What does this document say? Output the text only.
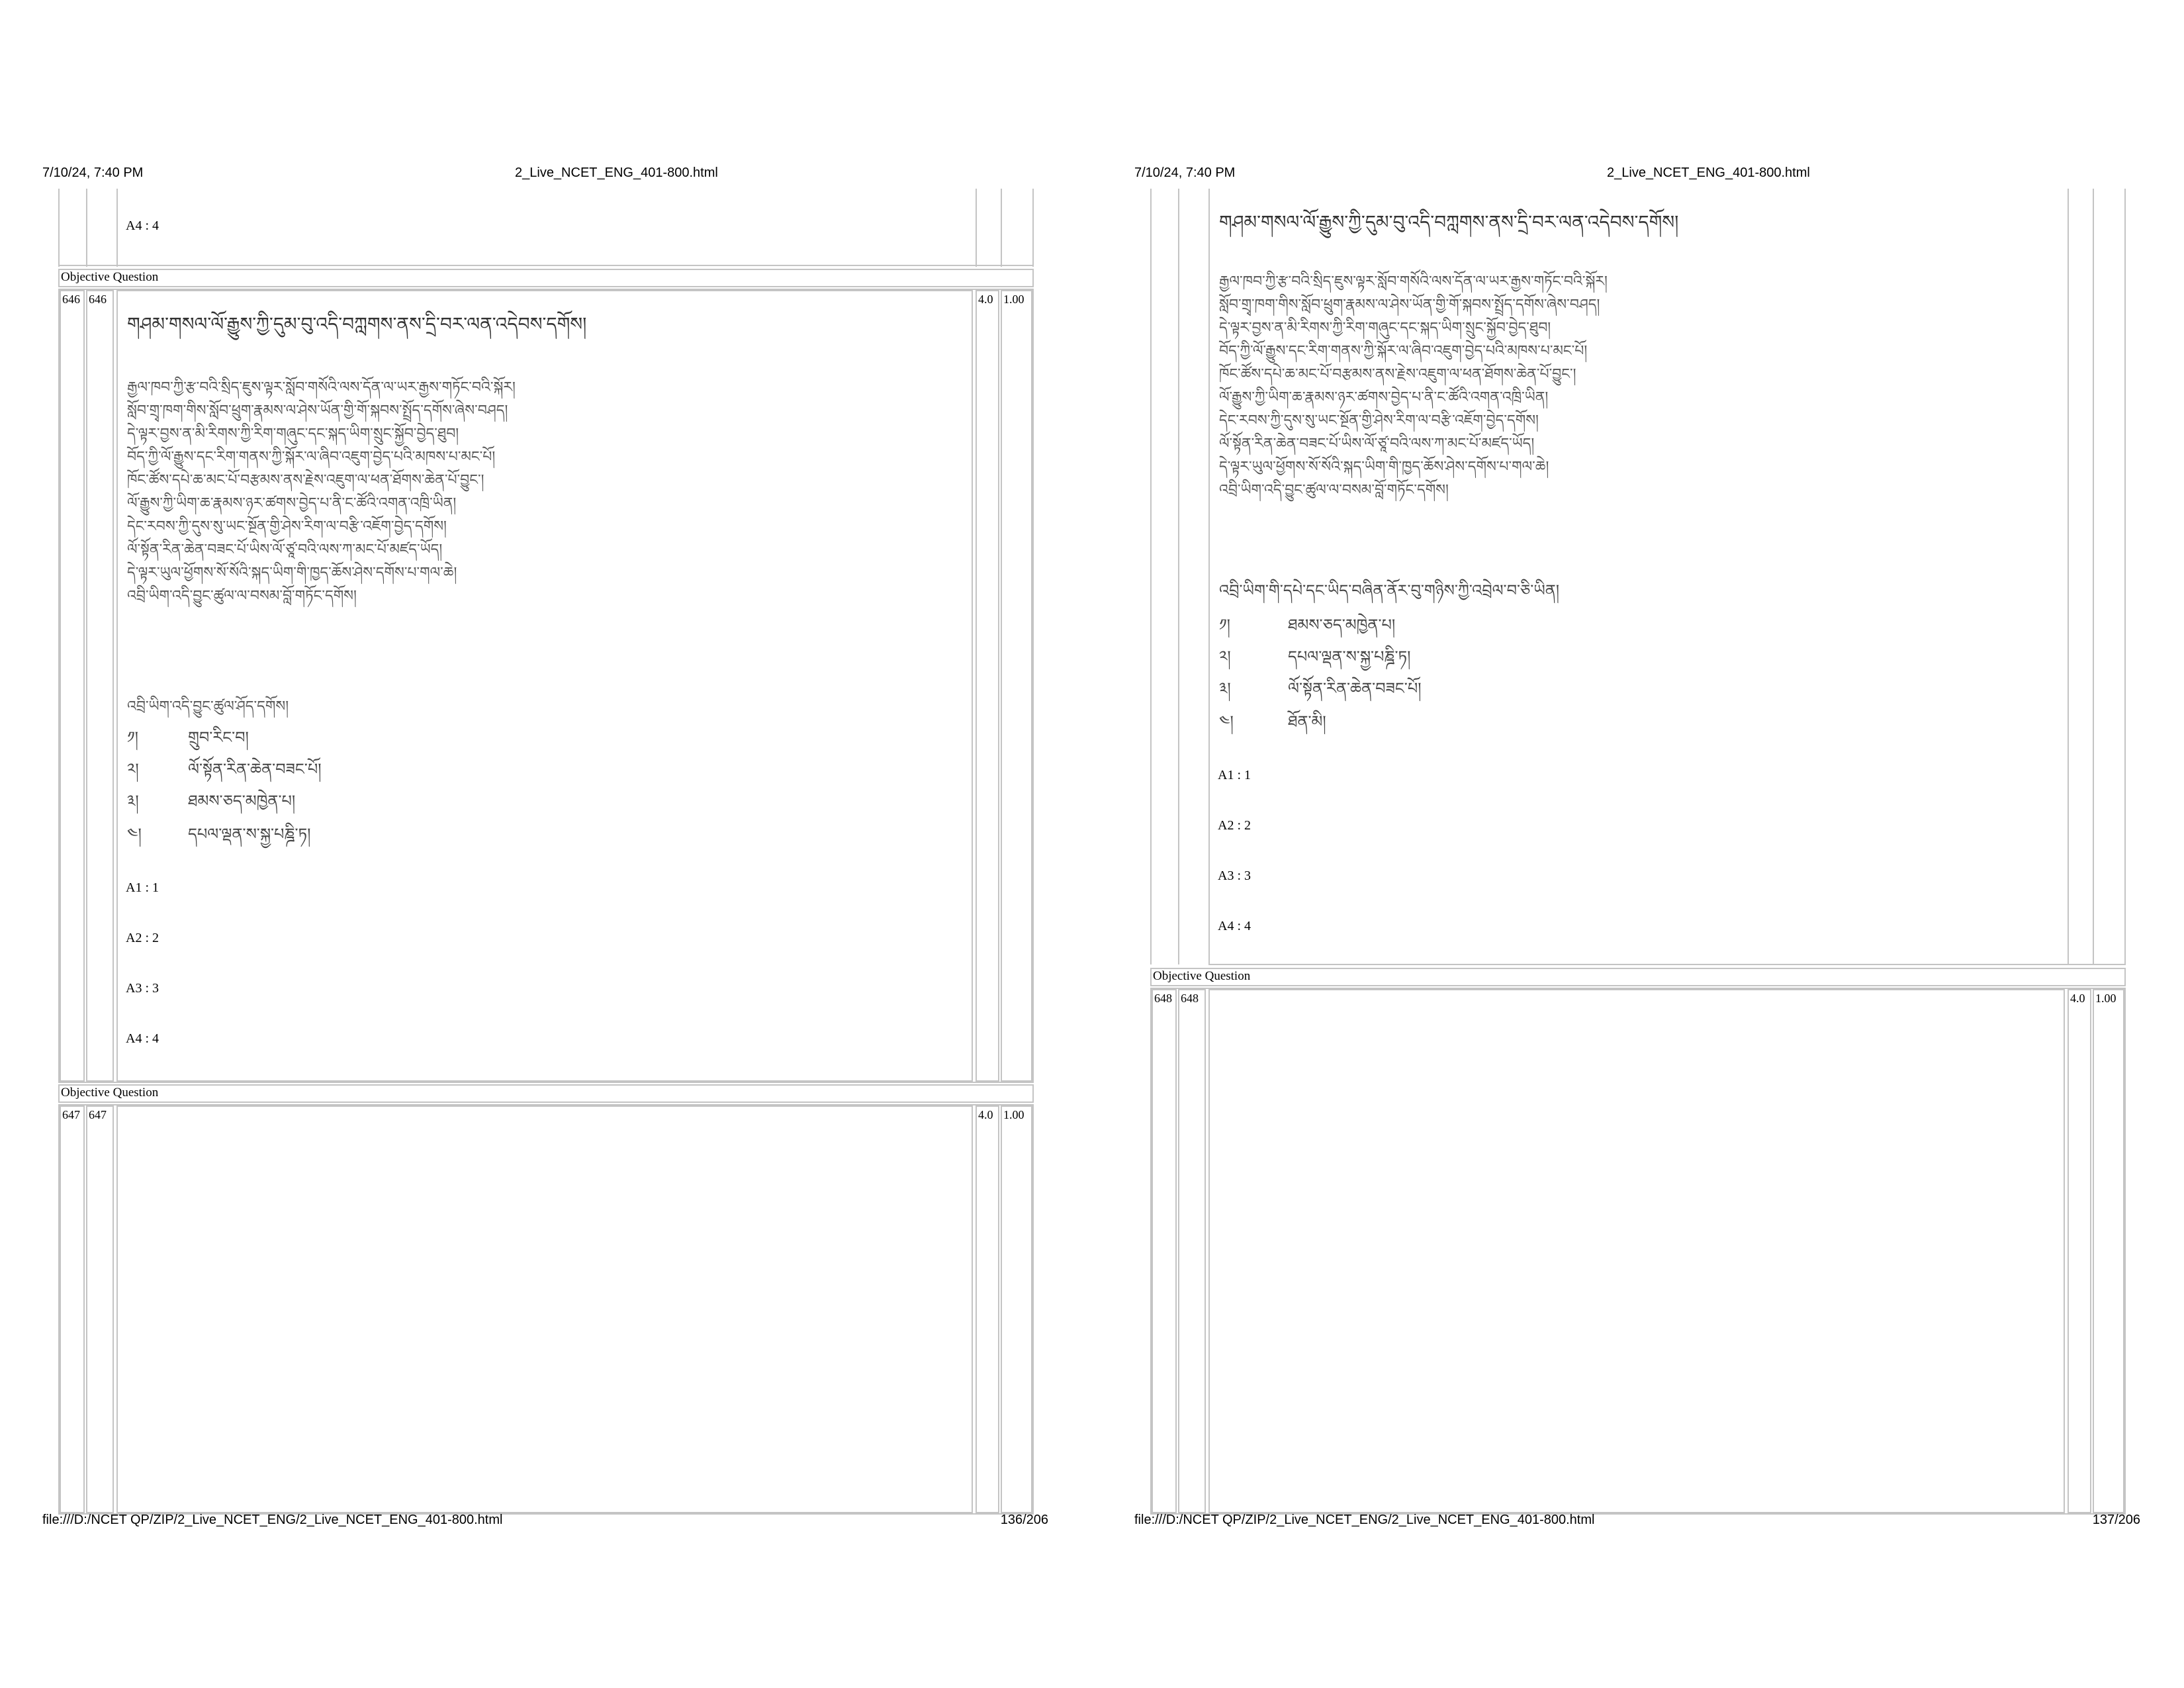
7/10/24, 7:40 PM	2_Live_NCET_ENG_401-800.html
A4 : 4
Objective Question
646 646	4.0 1.00
གཤམ་གསལ་ལོ་རྒྱུས་ཀྱི་དུམ་བུ་འདི་བཀླགས་ནས་དྲི་བར་ལན་འདེབས་དགོས།
རྒྱལ་ཁབ་ཀྱི་རྩ་བའི་སྲིད་ཇུས་ལྟར་སློབ་གསོའི་ལས་དོན་ལ་ཡར་རྒྱས་གཏོང་བའི་སྐོར།
སློབ་གྲྭ་ཁག་གིས་སློབ་ཕྲུག་རྣམས་ལ་ཤེས་ཡོན་གྱི་གོ་སྐབས་སྤྲོད་དགོས་ཞེས་བཤད།
དེ་ལྟར་བྱས་ན་མི་རིགས་ཀྱི་རིག་གཞུང་དང་སྐད་ཡིག་སྲུང་སྐྱོབ་བྱེད་ཐུབ།
བོད་ཀྱི་ལོ་རྒྱུས་དང་རིག་གནས་ཀྱི་སྐོར་ལ་ཞིབ་འཇུག་བྱེད་པའི་མཁས་པ་མང་པོ།
ཁོང་ཚོས་དཔེ་ཆ་མང་པོ་བརྩམས་ནས་རྗེས་འཇུག་ལ་ཕན་ཐོགས་ཆེན་པོ་བྱུང་།
ལོ་རྒྱུས་ཀྱི་ཡིག་ཆ་རྣམས་ཉར་ཚགས་བྱེད་པ་ནི་ང་ཚོའི་འགན་འཁྲི་ཡིན།
དེང་རབས་ཀྱི་དུས་སུ་ཡང་སྔོན་གྱི་ཤེས་རིག་ལ་བརྩི་འཇོག་བྱེད་དགོས།
ལོ་སྟོན་རིན་ཆེན་བཟང་པོ་ཡིས་ལོ་ཙཱ་བའི་ལས་ཀ་མང་པོ་མཛད་ཡོད།
དེ་ལྟར་ཡུལ་ཕྱོགས་སོ་སོའི་སྐད་ཡིག་གི་ཁྱད་ཆོས་ཤེས་དགོས་པ་གལ་ཆེ།
འབྲི་ཡིག་འདི་བྱུང་ཚུལ་ལ་བསམ་བློ་གཏོང་དགོས།
འབྲི་ཡིག་འདི་བྱུང་ཚུལ་ཤོད་དགོས།
༡།	གྲུབ་རིང་བ།
༢།	ལོ་སྟོན་རིན་ཆེན་བཟང་པོ།
༣།	ཐམས་ཅད་མཁྱེན་པ།
༤།	དཔལ་ལྡན་ས་སྐྱ་པཎྜི་ཏ།
A1 : 1
A2 : 2
A3 : 3
A4 : 4
Objective Question
647 647	4.0 1.00
file:///D:/NCET QP/ZIP/2_Live_NCET_ENG/2_Live_NCET_ENG_401-800.html	136/206
7/10/24, 7:40 PM	2_Live_NCET_ENG_401-800.html
གཤམ་གསལ་ལོ་རྒྱུས་ཀྱི་དུམ་བུ་འདི་བཀླགས་ནས་དྲི་བར་ལན་འདེབས་དགོས།
རྒྱལ་ཁབ་ཀྱི་རྩ་བའི་སྲིད་ཇུས་ལྟར་སློབ་གསོའི་ལས་དོན་ལ་ཡར་རྒྱས་གཏོང་བའི་སྐོར།
སློབ་གྲྭ་ཁག་གིས་སློབ་ཕྲུག་རྣམས་ལ་ཤེས་ཡོན་གྱི་གོ་སྐབས་སྤྲོད་དགོས་ཞེས་བཤད།
དེ་ལྟར་བྱས་ན་མི་རིགས་ཀྱི་རིག་གཞུང་དང་སྐད་ཡིག་སྲུང་སྐྱོབ་བྱེད་ཐུབ།
བོད་ཀྱི་ལོ་རྒྱུས་དང་རིག་གནས་ཀྱི་སྐོར་ལ་ཞིབ་འཇུག་བྱེད་པའི་མཁས་པ་མང་པོ།
ཁོང་ཚོས་དཔེ་ཆ་མང་པོ་བརྩམས་ནས་རྗེས་འཇུག་ལ་ཕན་ཐོགས་ཆེན་པོ་བྱུང་།
ལོ་རྒྱུས་ཀྱི་ཡིག་ཆ་རྣམས་ཉར་ཚགས་བྱེད་པ་ནི་ང་ཚོའི་འགན་འཁྲི་ཡིན།
དེང་རབས་ཀྱི་དུས་སུ་ཡང་སྔོན་གྱི་ཤེས་རིག་ལ་བརྩི་འཇོག་བྱེད་དགོས།
ལོ་སྟོན་རིན་ཆེན་བཟང་པོ་ཡིས་ལོ་ཙཱ་བའི་ལས་ཀ་མང་པོ་མཛད་ཡོད།
དེ་ལྟར་ཡུལ་ཕྱོགས་སོ་སོའི་སྐད་ཡིག་གི་ཁྱད་ཆོས་ཤེས་དགོས་པ་གལ་ཆེ།
འབྲི་ཡིག་འདི་བྱུང་ཚུལ་ལ་བསམ་བློ་གཏོང་དགོས།
འབྲི་ཡིག་གི་དཔེ་དང་ཡིད་བཞིན་ནོར་བུ་གཉིས་ཀྱི་འབྲེལ་བ་ཅི་ཡིན།
༡།	ཐམས་ཅད་མཁྱེན་པ།
༢།	དཔལ་ལྡན་ས་སྐྱ་པཎྜི་ཏ།
༣།	ལོ་སྟོན་རིན་ཆེན་བཟང་པོ།
༤།	ཐོན་མི།
A1 : 1
A2 : 2
A3 : 3
A4 : 4
Objective Question
648 648	4.0 1.00
file:///D:/NCET QP/ZIP/2_Live_NCET_ENG/2_Live_NCET_ENG_401-800.html	137/206
